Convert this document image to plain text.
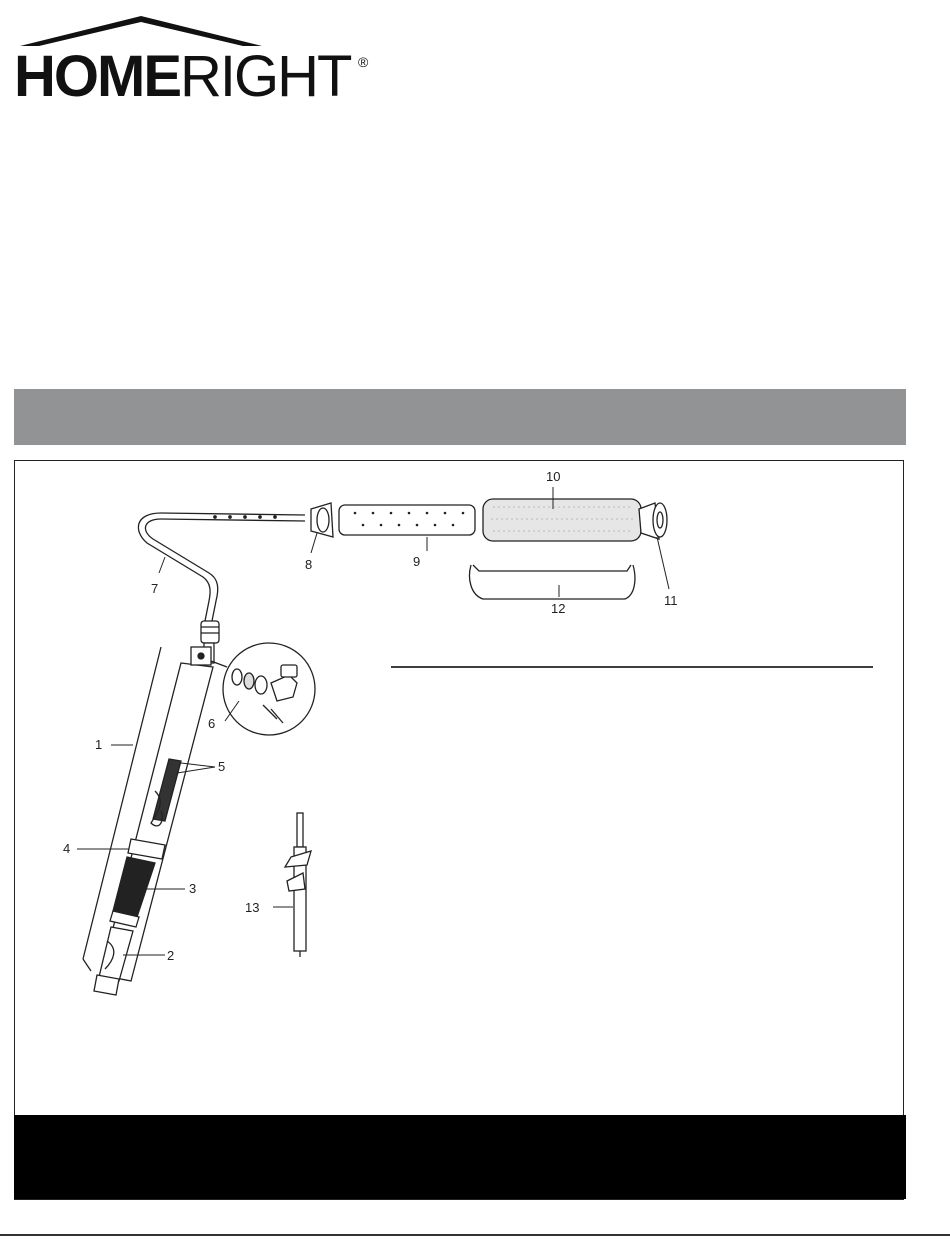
HOMERIGHT ®
1
2
3
4
5
6
7
8	9
10
11
12
13
